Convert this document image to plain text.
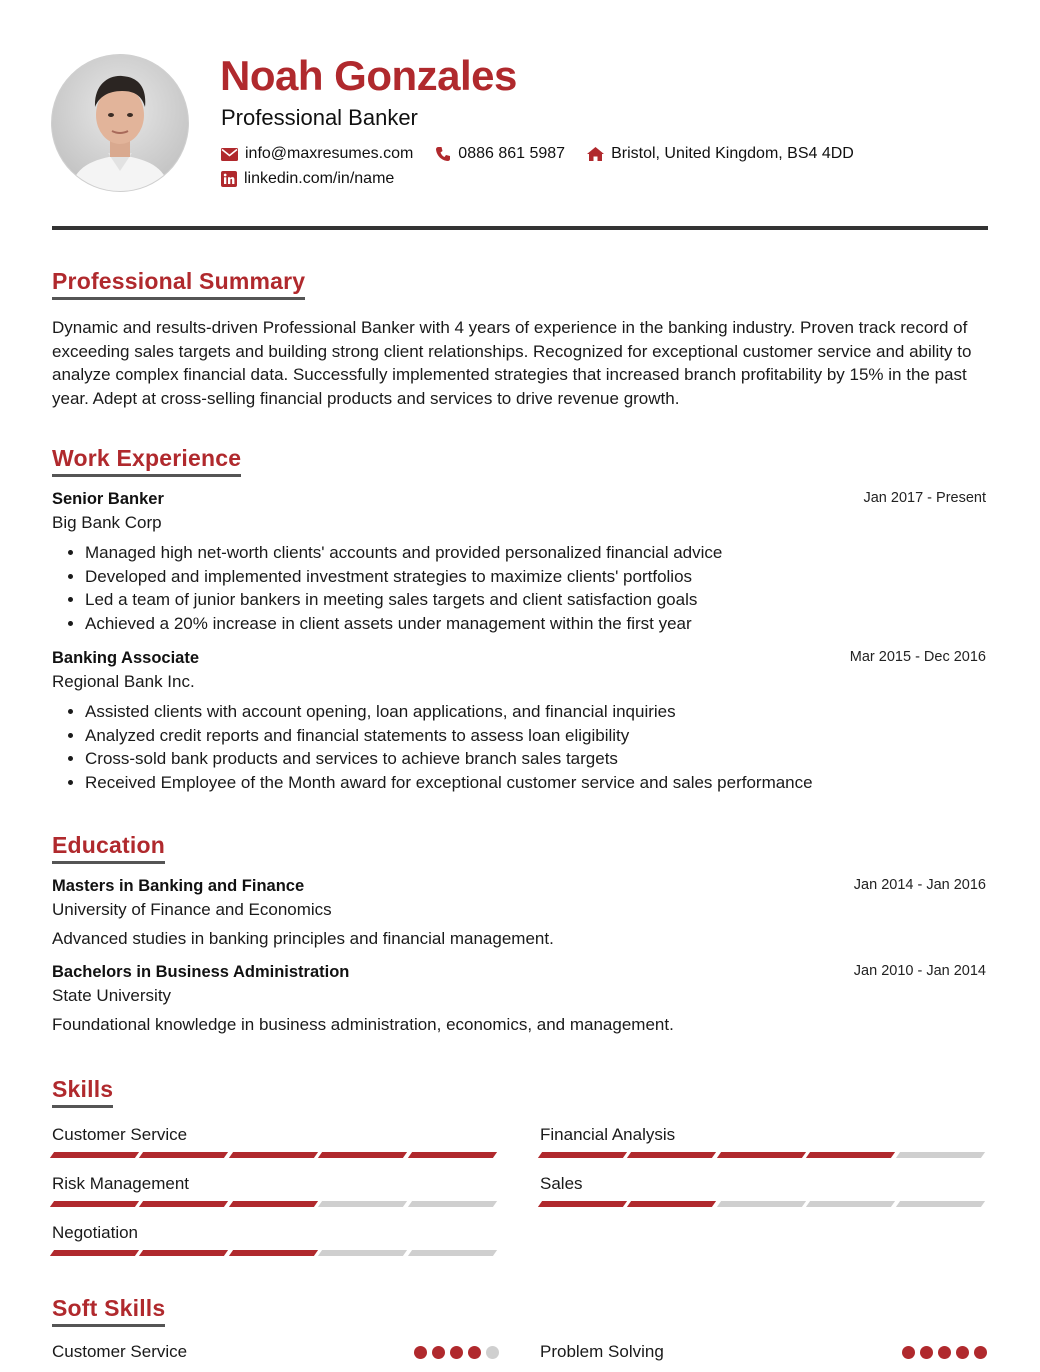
Noah Gonzales
Professional Banker
info@maxresumes.com	0886 861 5987	Bristol, United Kingdom, BS4 4DD
linkedin.com/in/name
Professional Summary

Dynamic and results-driven Professional Banker with 4 years of experience in the banking industry. Proven track record of exceeding sales targets and building strong client relationships. Recognized for exceptional customer service and ability to analyze complex financial data. Successfully implemented strategies that increased branch profitability by 15% in the past year. Adept at cross-selling financial products and services to drive revenue growth.

Work Experience
Senior Banker	Jan 2017 - Present
Big Bank Corp
• Managed high net-worth clients' accounts and provided personalized financial advice
• Developed and implemented investment strategies to maximize clients' portfolios
• Led a team of junior bankers in meeting sales targets and client satisfaction goals
• Achieved a 20% increase in client assets under management within the first year
Banking Associate	Mar 2015 - Dec 2016
Regional Bank Inc.
• Assisted clients with account opening, loan applications, and financial inquiries
• Analyzed credit reports and financial statements to assess loan eligibility
• Cross-sold bank products and services to achieve branch sales targets
• Received Employee of the Month award for exceptional customer service and sales performance
Education
Masters in Banking and Finance	Jan 2014 - Jan 2016
University of Finance and Economics
Advanced studies in banking principles and financial management.
Bachelors in Business Administration	Jan 2010 - Jan 2014
State University
Foundational knowledge in business administration, economics, and management.
Skills
Customer Service	Financial Analysis
Risk Management	Sales
Negotiation
Soft Skills
Customer Service	Problem Solving
